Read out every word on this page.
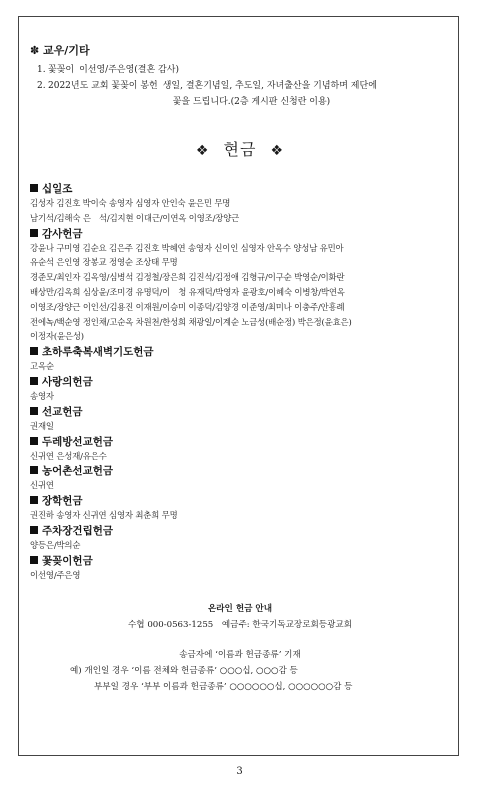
✽ 교우/기타
1. 꽃꽂이 이선영/주은영(결혼 감사)
2. 2022년도 교회 꽃꽂이 봉헌 생일, 결혼기념일, 추도일, 자녀출산을 기념하며 제단에
꽃을 드립니다.(2층 게시판 신청란 이용)
❖ 현금 ❖
십일조
김성자 김진호 박이숙 송영자 심영자 안인숙 윤은민 무명
남기석/김해숙 은　석/김지현 이대근/이연옥 이영조/장양근
감사헌금
강윤나 구미영 김순요 김은주 김진호 박혜연 송영자 신이인 심영자 안옥수 양성남 유민아
유순석 은인영 장봉교 정영순 조상태 무명
경준모/최인자 김옥영/심병석 김정철/장은희 김진석/김정애 김형규/이구순 박영순/이화란
배상만/김옥희 심상윤/조미경 유명덕/이　청 유재덕/박영자 윤광호/이혜숙 이병창/박연옥
이영조/장양근 이인선/김용진 이재원/이승미 이종덕/김양경 이준영/최미나 이충주/안흥례
전에녹/백순영 정인채/고순옥 차원천/한성희 채광일/이계순 노금성(배순정) 박은정(윤효은)
이정자(윤은성)
초하루축복새벽기도헌금
고옥순
사랑의헌금
송영자
선교헌금
권재일
두레방선교헌금
신귀연 은성재/유은수
농어촌선교헌금
신귀연
장학헌금
권진하 송영자 신귀연 심영자 최춘희 무명
주차장건립헌금
양등은/박의순
꽃꽂이헌금
이선영/주은영
온라인 헌금 안내
수협 000-0563-1255　예금주: 한국기독교장로회등광교회
송금자에 ‘이름과 헌금종류’ 기재
예) 개인일 경우 ‘이름 전체와 헌금종류’ ○○○십, ○○○감 등
부부일 경우 ‘부부 이름과 헌금종류’ ○○○○○○십, ○○○○○○감 등
3
